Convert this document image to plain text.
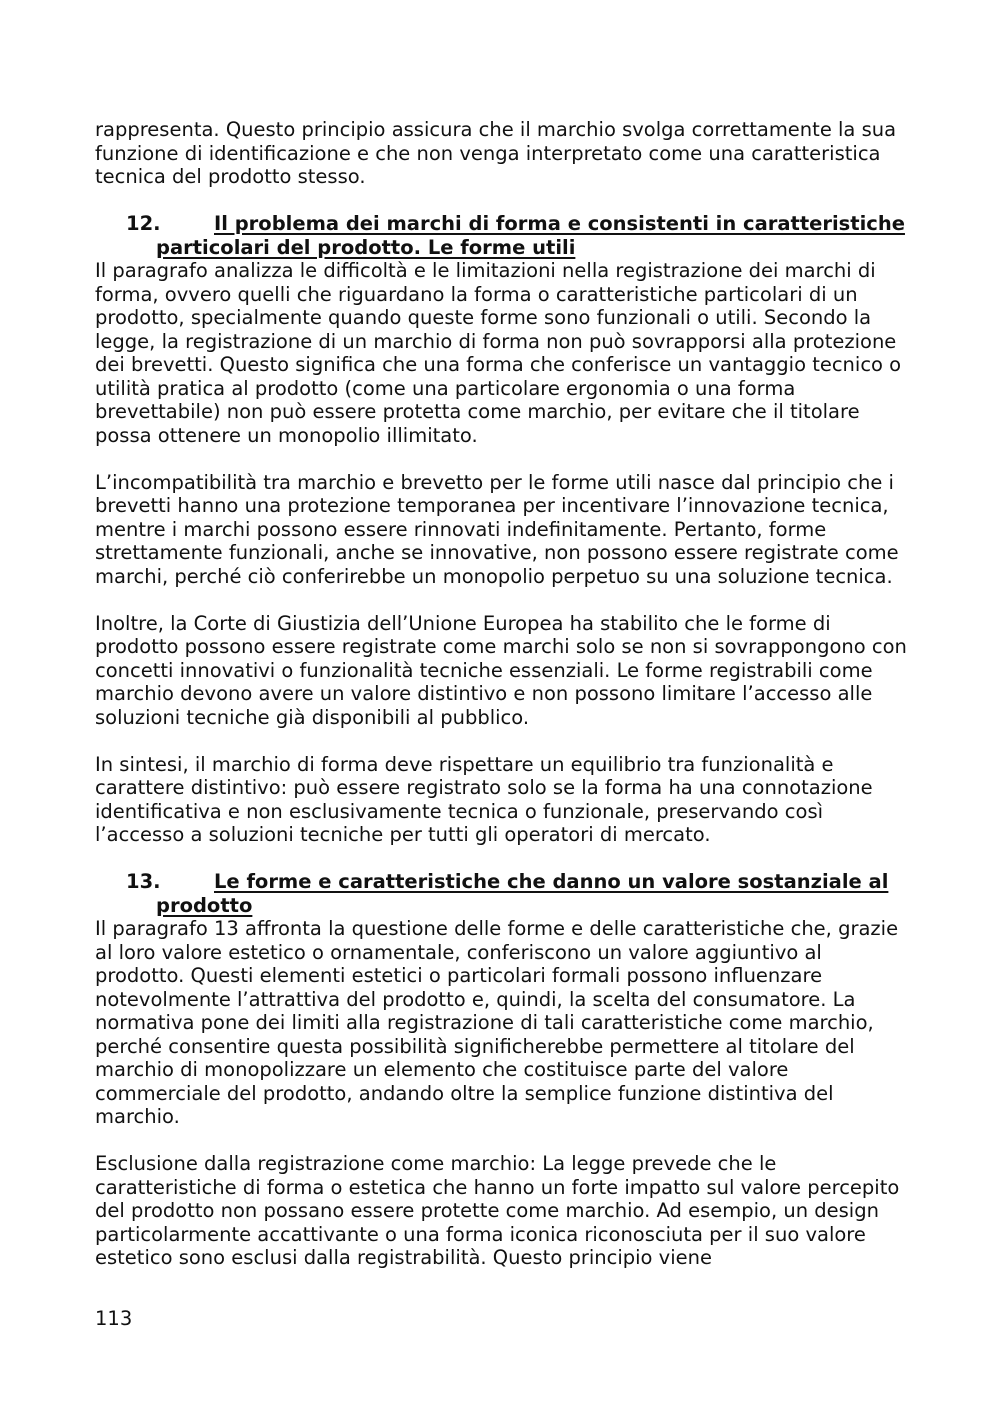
rappresenta. Questo principio assicura che il marchio svolga correttamente la sua funzione di identificazione e che non venga interpretato come una caratteristica tecnica del prodotto stesso.

12.	Il problema dei marchi di forma e consistenti in caratteristiche particolari del prodotto. Le forme utili

Il paragrafo analizza le difficoltà e le limitazioni nella registrazione dei marchi di forma, ovvero quelli che riguardano la forma o caratteristiche particolari di un prodotto, specialmente quando queste forme sono funzionali o utili. Secondo la legge, la registrazione di un marchio di forma non può sovrapporsi alla protezione dei brevetti. Questo significa che una forma che conferisce un vantaggio tecnico o utilità pratica al prodotto (come una particolare ergonomia o una forma brevettabile) non può essere protetta come marchio, per evitare che il titolare possa ottenere un monopolio illimitato.

L’incompatibilità tra marchio e brevetto per le forme utili nasce dal principio che i brevetti hanno una protezione temporanea per incentivare l’innovazione tecnica, mentre i marchi possono essere rinnovati indefinitamente. Pertanto, forme strettamente funzionali, anche se innovative, non possono essere registrate come marchi, perché ciò conferirebbe un monopolio perpetuo su una soluzione tecnica.

Inoltre, la Corte di Giustizia dell’Unione Europea ha stabilito che le forme di prodotto possono essere registrate come marchi solo se non si sovrappongono con concetti innovativi o funzionalità tecniche essenziali. Le forme registrabili come marchio devono avere un valore distintivo e non possono limitare l’accesso alle soluzioni tecniche già disponibili al pubblico.

In sintesi, il marchio di forma deve rispettare un equilibrio tra funzionalità e carattere distintivo: può essere registrato solo se la forma ha una connotazione identificativa e non esclusivamente tecnica o funzionale, preservando così l’accesso a soluzioni tecniche per tutti gli operatori di mercato.

13.	Le forme e caratteristiche che danno un valore sostanziale al prodotto

Il paragrafo 13 affronta la questione delle forme e delle caratteristiche che, grazie al loro valore estetico o ornamentale, conferiscono un valore aggiuntivo al prodotto. Questi elementi estetici o particolari formali possono influenzare notevolmente l’attrattiva del prodotto e, quindi, la scelta del consumatore. La normativa pone dei limiti alla registrazione di tali caratteristiche come marchio, perché consentire questa possibilità significherebbe permettere al titolare del marchio di monopolizzare un elemento che costituisce parte del valore commerciale del prodotto, andando oltre la semplice funzione distintiva del marchio.

Esclusione dalla registrazione come marchio: La legge prevede che le caratteristiche di forma o estetica che hanno un forte impatto sul valore percepito del prodotto non possano essere protette come marchio. Ad esempio, un design particolarmente accattivante o una forma iconica riconosciuta per il suo valore estetico sono esclusi dalla registrabilità. Questo principio viene

113
